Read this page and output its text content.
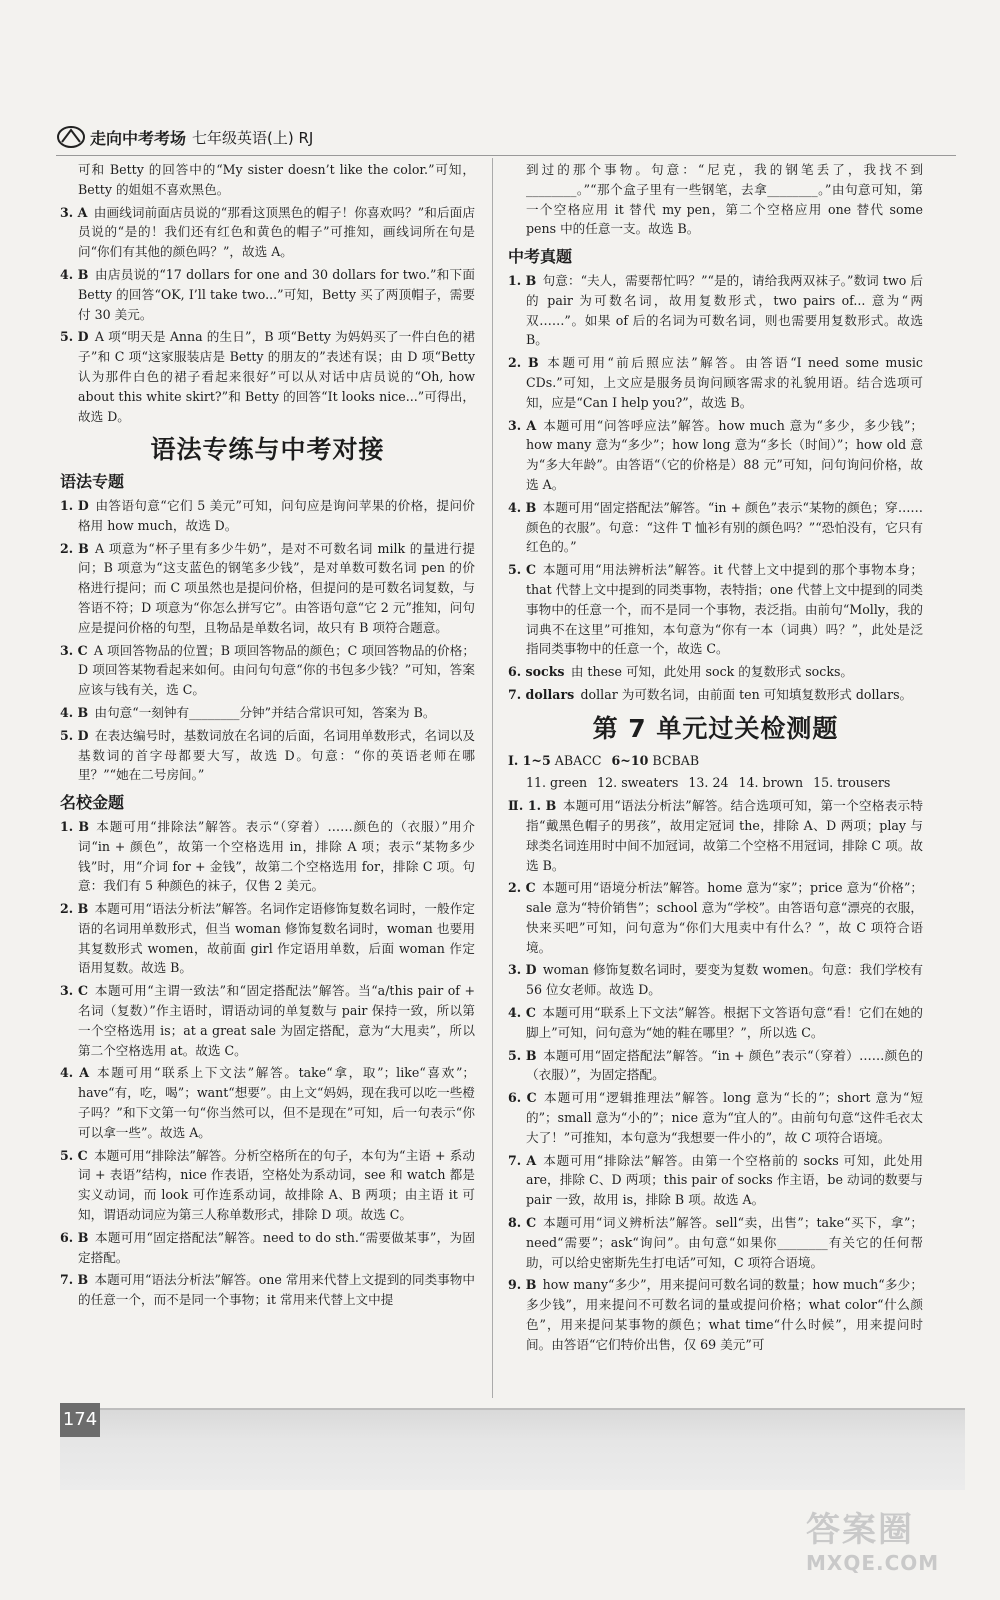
走向中考考场 七年级英语(上) RJ

可和 Betty 的回答中的“My sister doesn’t like the color.”可知，Betty 的姐姐不喜欢黑色。

3. A  由画线词前面店员说的“那看这顶黑色的帽子！你喜欢吗？”和后面店员说的“是的！我们还有红色和黄色的帽子”可推知，画线词所在句是问“你们有其他的颜色吗？”，故选 A。

4. B  由店员说的“17 dollars for one and 30 dollars for two.”和下面 Betty 的回答“OK, I’ll take two...”可知，Betty 买了两顶帽子，需要付 30 美元。

5. D  A 项“明天是 Anna 的生日”，B 项“Betty 为妈妈买了一件白色的裙子”和 C 项“这家服装店是 Betty 的朋友的”表述有误；由 D 项“Betty 认为那件白色的裙子看起来很好”可以从对话中店员说的“Oh, how about this white skirt?”和 Betty 的回答“It looks nice...”可得出，故选 D。

语法专练与中考对接
语法专题

1. D  由答语句意“它们 5 美元”可知，问句应是询问苹果的价格，提问价格用 how much，故选 D。

2. B  A 项意为“杯子里有多少牛奶”，是对不可数名词 milk 的量进行提问；B 项意为“这支蓝色的钢笔多少钱”，是对单数可数名词 pen 的价格进行提问；而 C 项虽然也是提问价格，但提问的是可数名词复数，与答语不符；D 项意为“你怎么拼写它”。由答语句意“它 2 元”推知，问句应是提问价格的句型，且物品是单数名词，故只有 B 项符合题意。

3. C  A 项回答物品的位置；B 项回答物品的颜色；C 项回答物品的价格；D 项回答某物看起来如何。由问句句意“你的书包多少钱？”可知，答案应该与钱有关，选 C。

4. B  由句意“一刻钟有________分钟”并结合常识可知，答案为 B。

5. D  在表达编号时，基数词放在名词的后面，名词用单数形式，名词以及基数词的首字母都要大写，故选 D。句意：“你的英语老师在哪里？”“她在二号房间。”

名校金题

1. B  本题可用“排除法”解答。表示“（穿着）……颜色的（衣服）”用介词“in + 颜色”，故第一个空格选用 in，排除 A 项；表示“某物多少钱”时，用“介词 for + 金钱”，故第二个空格选用 for，排除 C 项。句意：我们有 5 种颜色的袜子，仅售 2 美元。

2. B  本题可用“语法分析法”解答。名词作定语修饰复数名词时，一般作定语的名词用单数形式，但当 woman 修饰复数名词时，woman 也要用其复数形式 women，故前面 girl 作定语用单数，后面 woman 作定语用复数。故选 B。

3. C  本题可用“主谓一致法”和“固定搭配法”解答。当“a/this pair of + 名词（复数）”作主语时，谓语动词的单复数与 pair 保持一致，所以第一个空格选用 is；at a great sale 为固定搭配，意为“大甩卖”，所以第二个空格选用 at。故选 C。

4. A  本题可用“联系上下文法”解答。take“拿，取”；like“喜欢”；have“有，吃，喝”；want“想要”。由上文“妈妈，现在我可以吃一些橙子吗？”和下文第一句“你当然可以，但不是现在”可知，后一句表示“你可以拿一些”。故选 A。

5. C  本题可用“排除法”解答。分析空格所在的句子，本句为“主语 + 系动词 + 表语”结构，nice 作表语，空格处为系动词，see 和 watch 都是实义动词，而 look 可作连系动词，故排除 A、B 两项；由主语 it 可知，谓语动词应为第三人称单数形式，排除 D 项。故选 C。

6. B  本题可用“固定搭配法”解答。need to do sth.“需要做某事”，为固定搭配。

7. B  本题可用“语法分析法”解答。one 常用来代替上文提到的同类事物中的任意一个，而不是同一个事物；it 常用来代替上文中提

到过的那个事物。句意：“尼克，我的钢笔丢了，我找不到________。”“那个盒子里有一些钢笔，去拿________。”由句意可知，第一个空格应用 it 替代 my pen，第二个空格应用 one 替代 some pens 中的任意一支。故选 B。

中考真题

1. B  句意：“夫人，需要帮忙吗？”“是的，请给我两双袜子。”数词 two 后的 pair 为可数名词，故用复数形式，two pairs of... 意为“两双……”。如果 of 后的名词为可数名词，则也需要用复数形式。故选 B。

2. B  本题可用“前后照应法”解答。由答语“I need some music CDs.”可知，上文应是服务员询问顾客需求的礼貌用语。结合选项可知，应是“Can I help you?”，故选 B。

3. A  本题可用“问答呼应法”解答。how much 意为“多少，多少钱”；how many 意为“多少”；how long 意为“多长（时间）”；how old 意为“多大年龄”。由答语“（它的价格是）88 元”可知，问句询问价格，故选 A。

4. B  本题可用“固定搭配法”解答。“in + 颜色”表示“某物的颜色；穿……颜色的衣服”。句意：“这件 T 恤衫有别的颜色吗？”“恐怕没有，它只有红色的。”

5. C  本题可用“用法辨析法”解答。it 代替上文中提到的那个事物本身；that 代替上文中提到的同类事物，表特指；one 代替上文中提到的同类事物中的任意一个，而不是同一个事物，表泛指。由前句“Molly，我的词典不在这里”可推知，本句意为“你有一本（词典）吗？”，此处是泛指同类事物中的任意一个，故选 C。

6. socks  由 these 可知，此处用 sock 的复数形式 socks。

7. dollars  dollar 为可数名词，由前面 ten 可知填复数形式 dollars。

第 7 单元过关检测题
Ⅰ. 1~5 ABACC 6~10 BCBAB
11. green 12. sweaters 13. 24 14. brown 15. trousers

Ⅱ. 1. B  本题可用“语法分析法”解答。结合选项可知，第一个空格表示特指“戴黑色帽子的男孩”，故用定冠词 the，排除 A、D 两项；play 与球类名词连用时中间不加冠词，故第二个空格不用冠词，排除 C 项。故选 B。

2. C  本题可用“语境分析法”解答。home 意为“家”；price 意为“价格”；sale 意为“特价销售”；school 意为“学校”。由答语句意“漂亮的衣服，快来买吧”可知，问句意为“你们大甩卖中有什么？”，故 C 项符合语境。

3. D  woman 修饰复数名词时，要变为复数 women。句意：我们学校有 56 位女老师。故选 D。

4. C  本题可用“联系上下文法”解答。根据下文答语句意“看！它们在她的脚上”可知，问句意为“她的鞋在哪里？”，所以选 C。

5. B  本题可用“固定搭配法”解答。“in + 颜色”表示“（穿着）……颜色的（衣服）”，为固定搭配。

6. C  本题可用“逻辑推理法”解答。long 意为“长的”；short 意为“短的”；small 意为“小的”；nice 意为“宜人的”。由前句句意“这件毛衣太大了！”可推知，本句意为“我想要一件小的”，故 C 项符合语境。

7. A  本题可用“排除法”解答。由第一个空格前的 socks 可知，此处用 are，排除 C、D 两项；this pair of socks 作主语，be 动词的数要与 pair 一致，故用 is，排除 B 项。故选 A。

8. C  本题可用“词义辨析法”解答。sell“卖，出售”；take“买下，拿”；need“需要”；ask“询问”。由句意“如果你________有关它的任何帮助，可以给史密斯先生打电话”可知，C 项符合语境。

9. B  how many“多少”，用来提问可数名词的数量；how much“多少；多少钱”，用来提问不可数名词的量或提问价格；what color“什么颜色”，用来提问某事物的颜色；what time“什么时候”，用来提问时间。由答语“它们特价出售，仅 69 美元”可

174
答案圈
MXQE.COM
